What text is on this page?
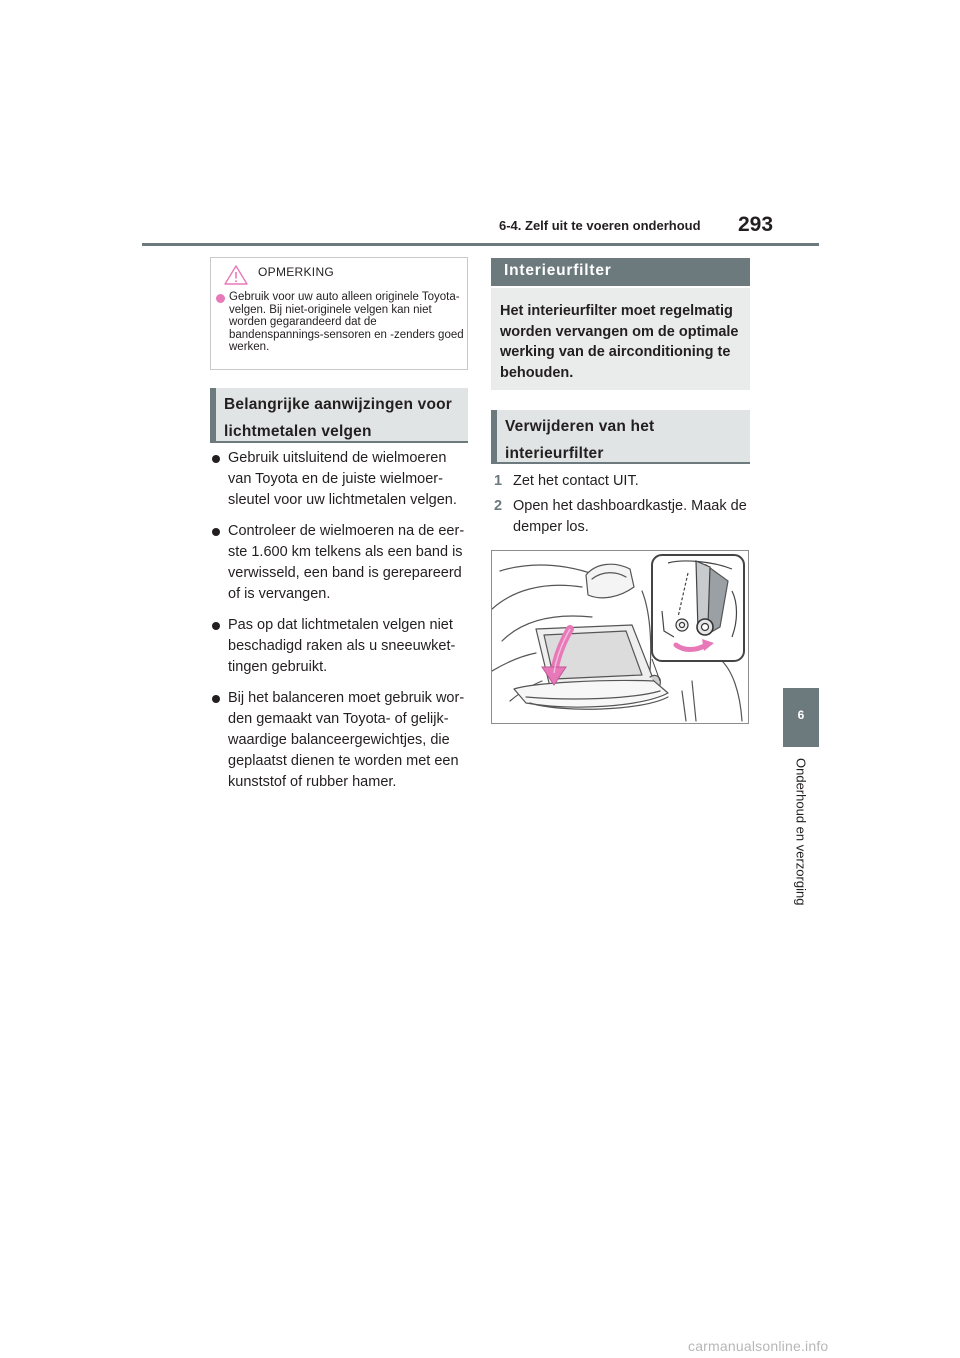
6-4. Zelf uit te voeren onderhoud 293
6
Onderhoud en verzorging
OPMERKING
Gebruik voor uw auto alleen originele Toyota-velgen. Bij niet-originele velgen kan niet worden gegarandeerd dat de bandenspannings-sensoren en -zenders goed werken.
Belangrijke aanwijzingen voor lichtmetalen velgen
Gebruik uitsluitend de wielmoeren van Toyota en de juiste wielmoer-sleutel voor uw lichtmetalen velgen.
Controleer de wielmoeren na de eer-ste 1.600 km telkens als een band is verwisseld, een band is gerepareerd of is vervangen.
Pas op dat lichtmetalen velgen niet beschadigd raken als u sneeuwket-tingen gebruikt.
Bij het balanceren moet gebruik wor-den gemaakt van Toyota- of gelijk-waardige balanceergewichtjes, die geplaatst dienen te worden met een kunststof of rubber hamer.
Interieurfilter
Het interieurfilter moet regelmatig worden vervangen om de optimale werking van de airconditioning te behouden.
Verwijderen van het interieurfilter
1 Zet het contact UIT.
2 Open het dashboardkastje. Maak de demper los.
carmanualsonline.info
